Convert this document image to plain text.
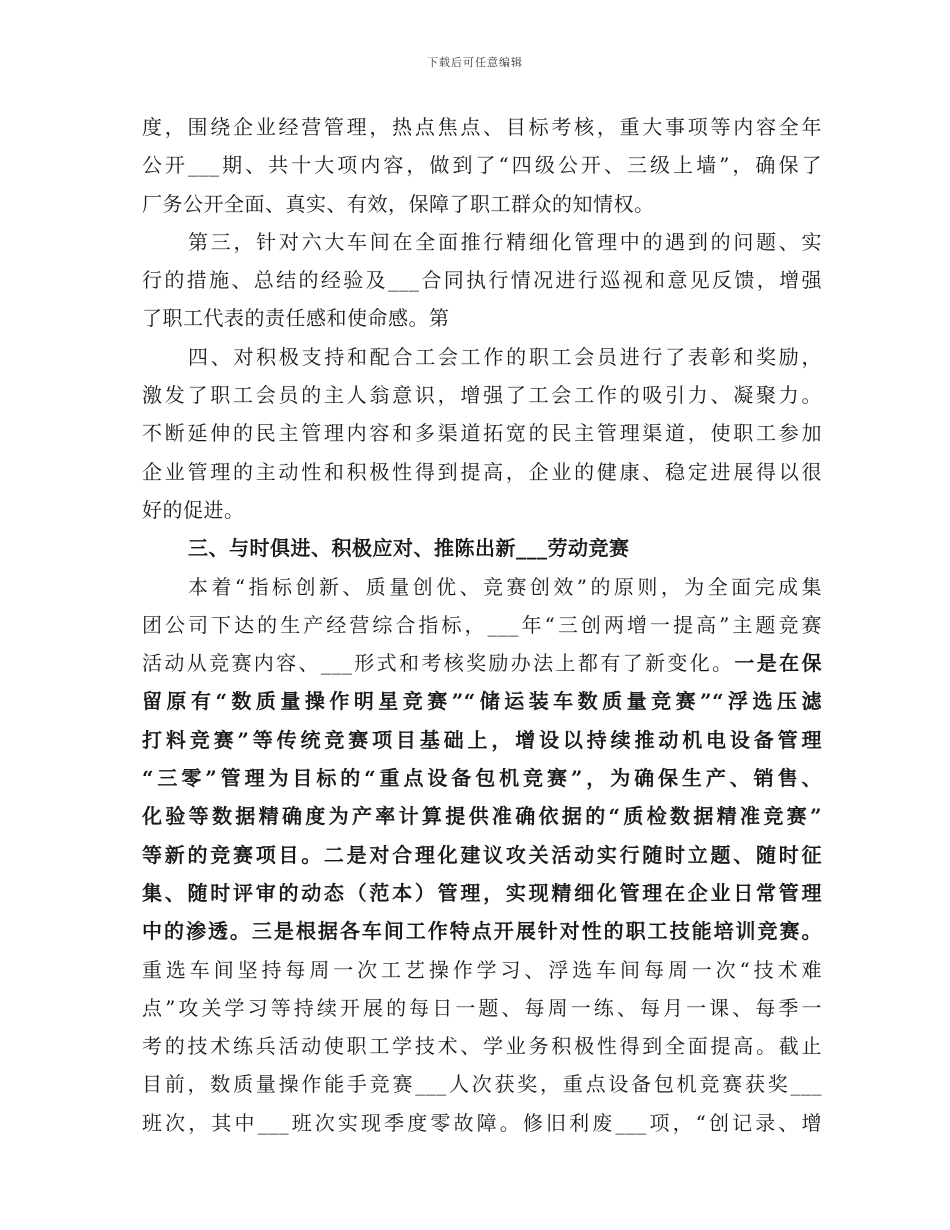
下载后可任意编辑
度，围绕企业经营管理，热点焦点、目标考核，重大事项等内容全年
公开___期、共十大项内容，做到了“四级公开、三级上墙”，确保了
厂务公开全面、真实、有效，保障了职工群众的知情权。
第三，针对六大车间在全面推行精细化管理中的遇到的问题、实
行的措施、总结的经验及___合同执行情况进行巡视和意见反馈，增强
了职工代表的责任感和使命感。第
四、对积极支持和配合工会工作的职工会员进行了表彰和奖励，
激发了职工会员的主人翁意识，增强了工会工作的吸引力、凝聚力。
不断延伸的民主管理内容和多渠道拓宽的民主管理渠道，使职工参加
企业管理的主动性和积极性得到提高，企业的健康、稳定进展得以很
好的促进。
三、与时俱进、积极应对、推陈出新___劳动竞赛
本着“指标创新、质量创优、竞赛创效”的原则，为全面完成集
团公司下达的生产经营综合指标，___年“三创两增一提高”主题竞赛
活动从竞赛内容、___形式和考核奖励办法上都有了新变化。一是在保
留原有“数质量操作明星竞赛”“储运装车数质量竞赛”“浮选压滤
打料竞赛”等传统竞赛项目基础上，增设以持续推动机电设备管理
“三零”管理为目标的“重点设备包机竞赛”，为确保生产、销售、
化验等数据精确度为产率计算提供准确依据的“质检数据精准竞赛”
等新的竞赛项目。二是对合理化建议攻关活动实行随时立题、随时征
集、随时评审的动态（范本）管理，实现精细化管理在企业日常管理
中的渗透。三是根据各车间工作特点开展针对性的职工技能培训竞赛。
重选车间坚持每周一次工艺操作学习、浮选车间每周一次“技术难
点”攻关学习等持续开展的每日一题、每周一练、每月一课、每季一
考的技术练兵活动使职工学技术、学业务积极性得到全面提高。截止
目前，数质量操作能手竞赛___人次获奖，重点设备包机竞赛获奖___
班次，其中___班次实现季度零故障。修旧利废___项，“创记录、增
